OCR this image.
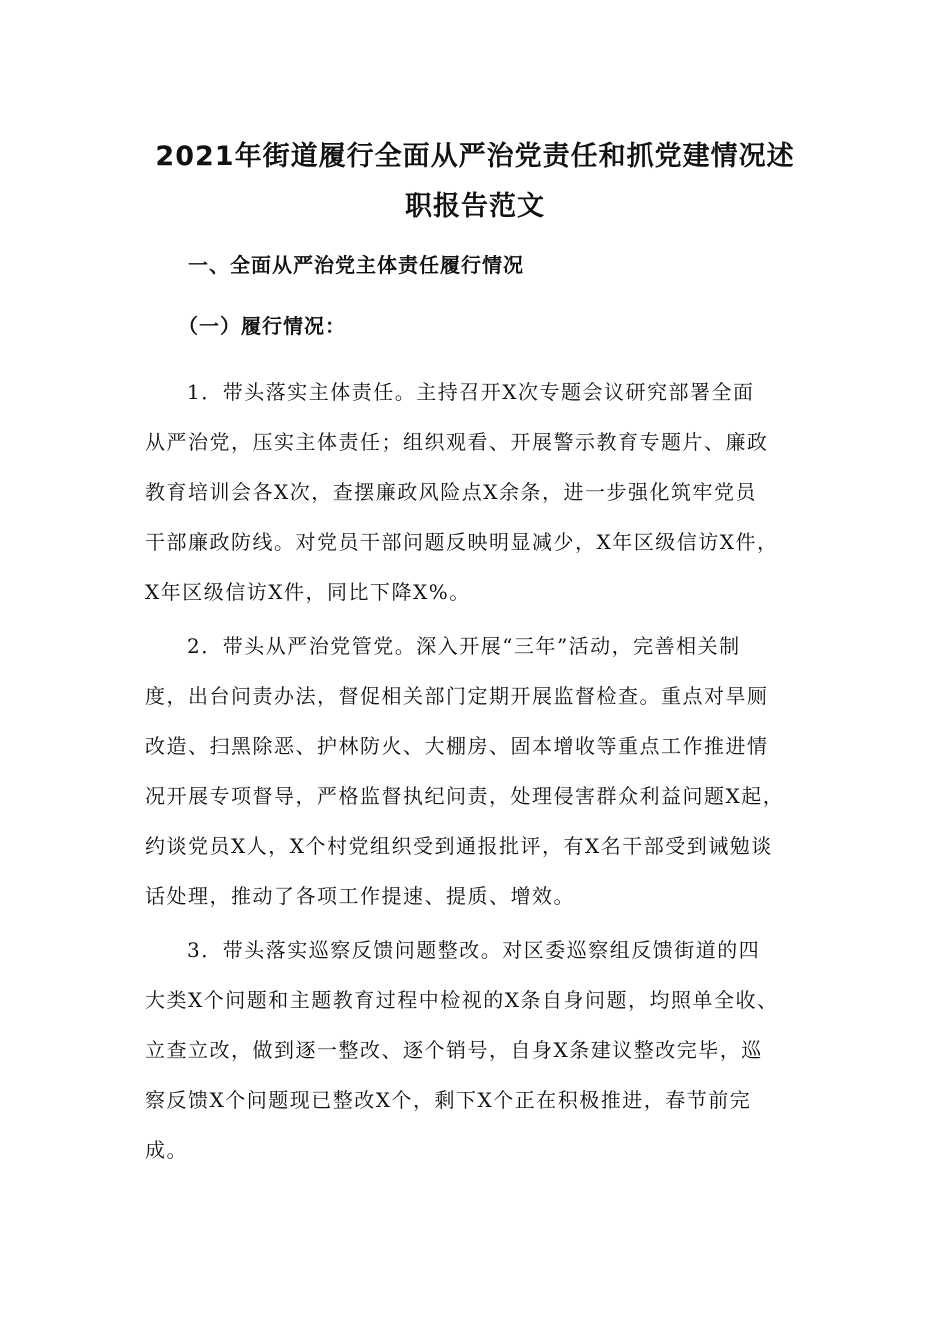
2021年街道履行全面从严治党责任和抓党建情况述
职报告范文
一、全面从严治党主体责任履行情况
（一）履行情况：
1．带头落实主体责任。主持召开X次专题会议研究部署全面
从严治党，压实主体责任；组织观看、开展警示教育专题片、廉政
教育培训会各X次，查摆廉政风险点X余条，进一步强化筑牢党员
干部廉政防线。对党员干部问题反映明显减少，X年区级信访X件，
X年区级信访X件，同比下降X%。
2．带头从严治党管党。深入开展“三年”活动，完善相关制
度，出台问责办法，督促相关部门定期开展监督检查。重点对旱厕
改造、扫黑除恶、护林防火、大棚房、固本增收等重点工作推进情
况开展专项督导，严格监督执纪问责，处理侵害群众利益问题X起，
约谈党员X人，X个村党组织受到通报批评，有X名干部受到诫勉谈
话处理，推动了各项工作提速、提质、增效。
3．带头落实巡察反馈问题整改。对区委巡察组反馈街道的四
大类X个问题和主题教育过程中检视的X条自身问题，均照单全收、
立查立改，做到逐一整改、逐个销号，自身X条建议整改完毕，巡
察反馈X个问题现已整改X个，剩下X个正在积极推进，春节前完
成。
